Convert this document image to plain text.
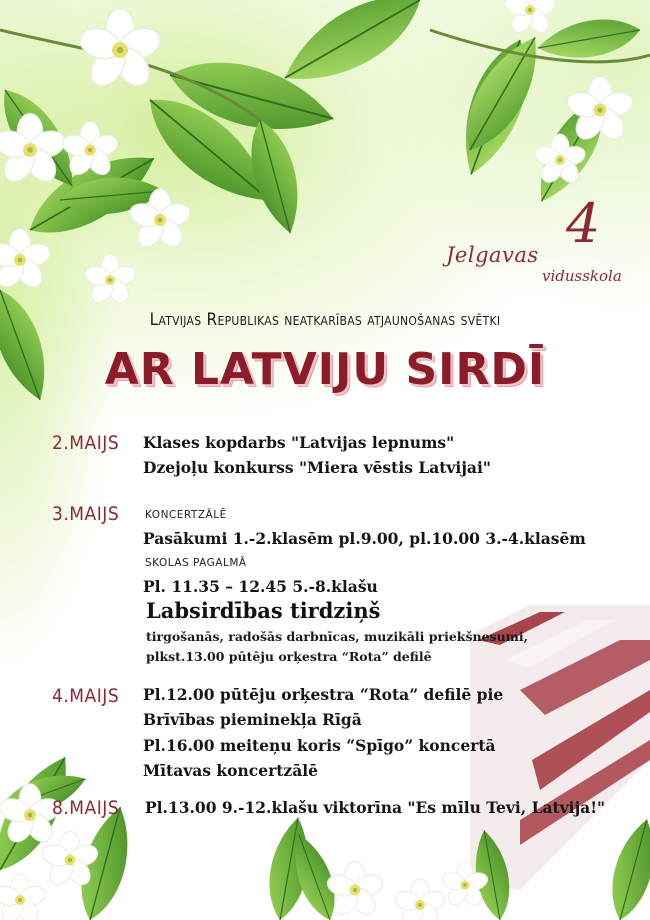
4
Jelgavas
vidusskola
Latvijas Republikas neatkarības atjaunošanas svētki
AR LATVIJU SIRDĪ
2.MAIJS Klases kopdarbs "Latvijas lepnums"
Dzejoļu konkurss "Miera vēstis Latvijai"
3.MAIJS KONCERTZĀLĒ
Pasākumi 1.-2.klasēm pl.9.00, pl.10.00 3.-4.klasēm
SKOLAS PAGALMĀ
Pl. 11.35 – 12.45 5.-8.klašu
Labsirdības tirdziņš
tirgošanās, radošās darbnīcas, muzikāli priekšnesumi,
plkst.13.00 pūtēju orķestra “Rota” defilē
4.MAIJS Pl.12.00 pūtēju orķestra “Rota” defilē pie
Brīvības pieminekļa Rīgā
Pl.16.00 meiteņu koris “Spīgo” koncertā
Mītavas koncertzālē
8.MAIJS Pl.13.00 9.-12.klašu viktorīna "Es mīlu Tevi, Latvija!"
